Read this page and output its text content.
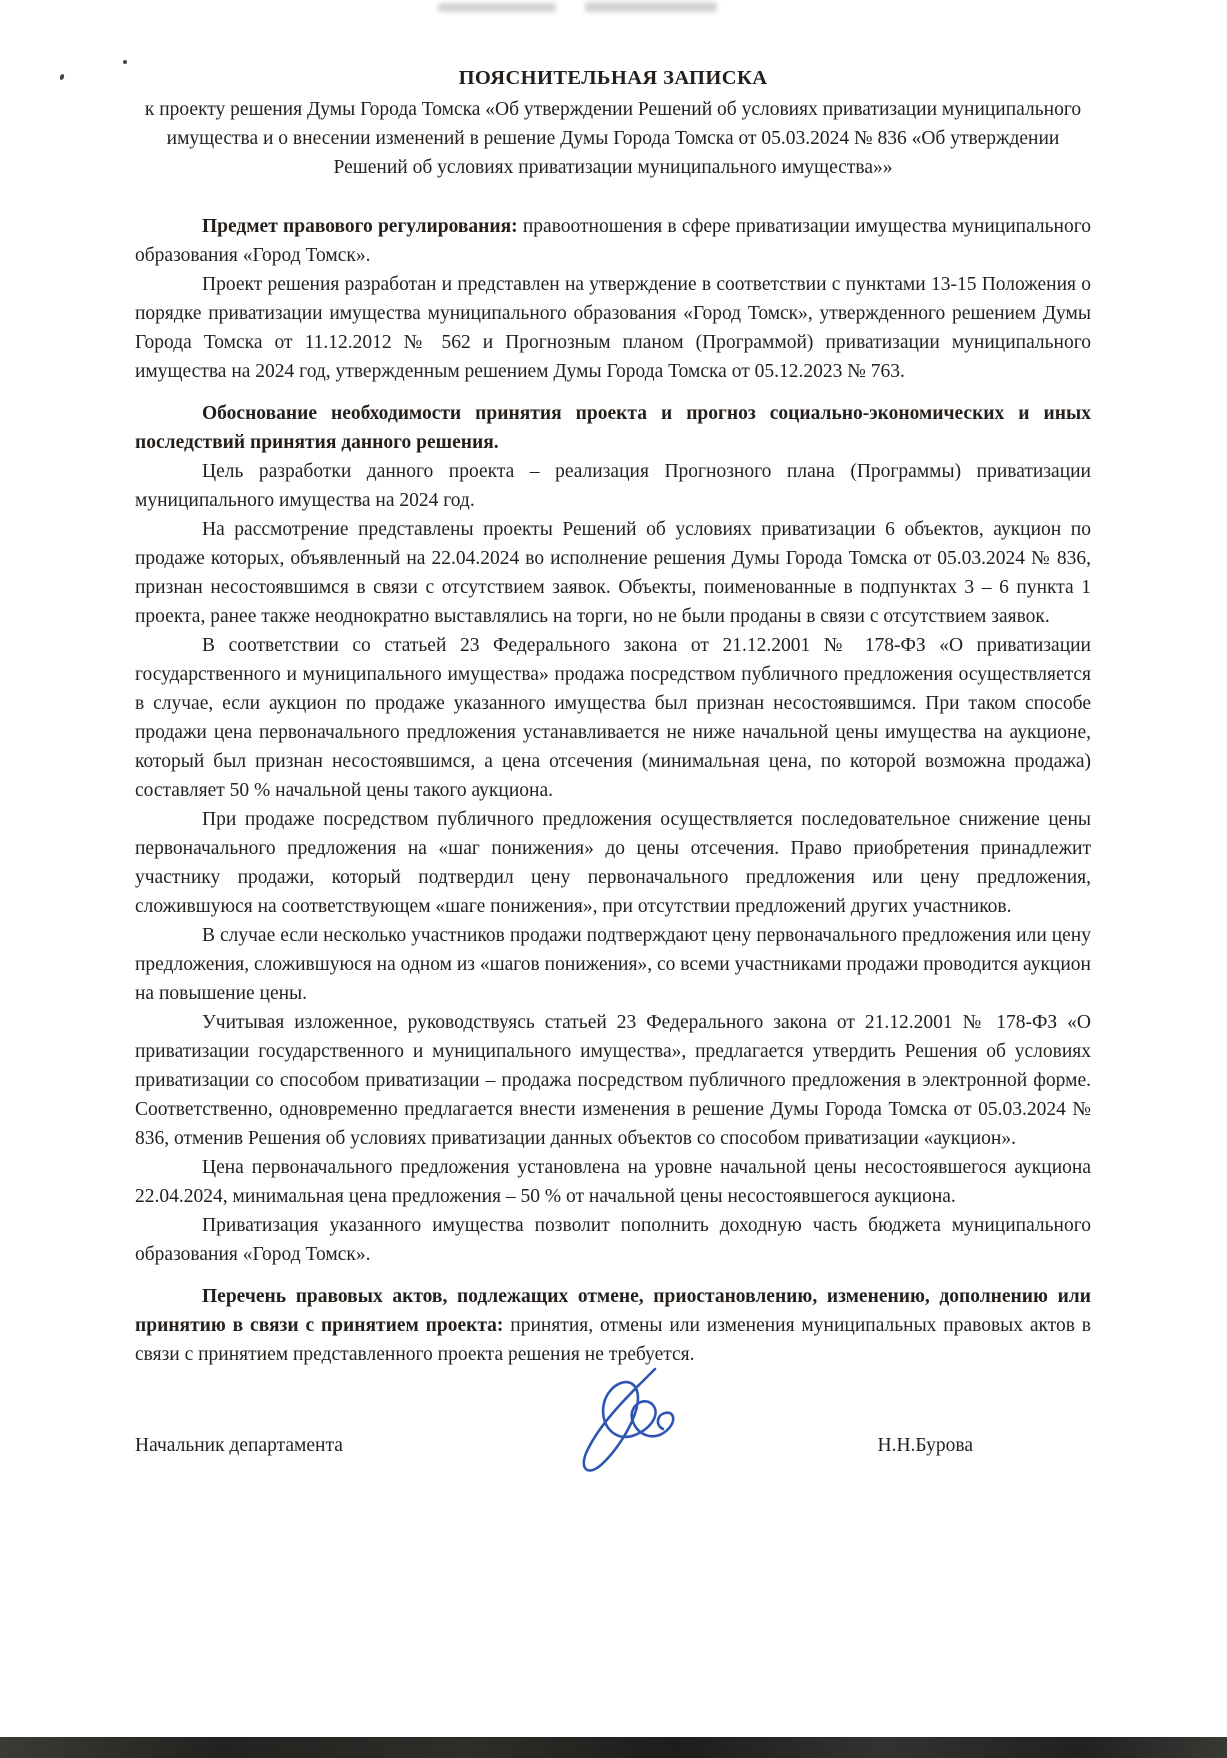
ПОЯСНИТЕЛЬНАЯ ЗАПИСКА
к проекту решения Думы Города Томска «Об утверждении Решений об условиях приватизации муниципального имущества и о внесении изменений в решение Думы Города Томска от 05.03.2024 № 836 «Об утверждении Решений об условиях приватизации муниципального имущества»»

Предмет правового регулирования: правоотношения в сфере приватизации имущества муниципального образования «Город Томск».

Проект решения разработан и представлен на утверждение в соответствии с пунктами 13-15 Положения о порядке приватизации имущества муниципального образования «Город Томск», утвержденного решением Думы Города Томска от 11.12.2012 № 562 и Прогнозным планом (Программой) приватизации муниципального имущества на 2024 год, утвержденным решением Думы Города Томска от 05.12.2023 № 763.

Обоснование необходимости принятия проекта и прогноз социально-экономических и иных последствий принятия данного решения.

Цель разработки данного проекта – реализация Прогнозного плана (Программы) приватизации муниципального имущества на 2024 год.

На рассмотрение представлены проекты Решений об условиях приватизации 6 объектов, аукцион по продаже которых, объявленный на 22.04.2024 во исполнение решения Думы Города Томска от 05.03.2024 № 836, признан несостоявшимся в связи с отсутствием заявок. Объекты, поименованные в подпунктах 3 – 6 пункта 1 проекта, ранее также неоднократно выставлялись на торги, но не были проданы в связи с отсутствием заявок.

В соответствии со статьей 23 Федерального закона от 21.12.2001 № 178-ФЗ «О приватизации государственного и муниципального имущества» продажа посредством публичного предложения осуществляется в случае, если аукцион по продаже указанного имущества был признан несостоявшимся. При таком способе продажи цена первоначального предложения устанавливается не ниже начальной цены имущества на аукционе, который был признан несостоявшимся, а цена отсечения (минимальная цена, по которой возможна продажа) составляет 50 % начальной цены такого аукциона.

При продаже посредством публичного предложения осуществляется последовательное снижение цены первоначального предложения на «шаг понижения» до цены отсечения. Право приобретения принадлежит участнику продажи, который подтвердил цену первоначального предложения или цену предложения, сложившуюся на соответствующем «шаге понижения», при отсутствии предложений других участников.

В случае если несколько участников продажи подтверждают цену первоначального предложения или цену предложения, сложившуюся на одном из «шагов понижения», со всеми участниками продажи проводится аукцион на повышение цены.

Учитывая изложенное, руководствуясь статьей 23 Федерального закона от 21.12.2001 № 178-ФЗ «О приватизации государственного и муниципального имущества», предлагается утвердить Решения об условиях приватизации со способом приватизации – продажа посредством публичного предложения в электронной форме. Соответственно, одновременно предлагается внести изменения в решение Думы Города Томска от 05.03.2024 № 836, отменив Решения об условиях приватизации данных объектов со способом приватизации «аукцион».

Цена первоначального предложения установлена на уровне начальной цены несостоявшегося аукциона 22.04.2024, минимальная цена предложения – 50 % от начальной цены несостоявшегося аукциона.

Приватизация указанного имущества позволит пополнить доходную часть бюджета муниципального образования «Город Томск».

Перечень правовых актов, подлежащих отмене, приостановлению, изменению, дополнению или принятию в связи с принятием проекта: принятия, отмены или изменения муниципальных правовых актов в связи с принятием представленного проекта решения не требуется.

Начальник департамента	Н.Н.Бурова
